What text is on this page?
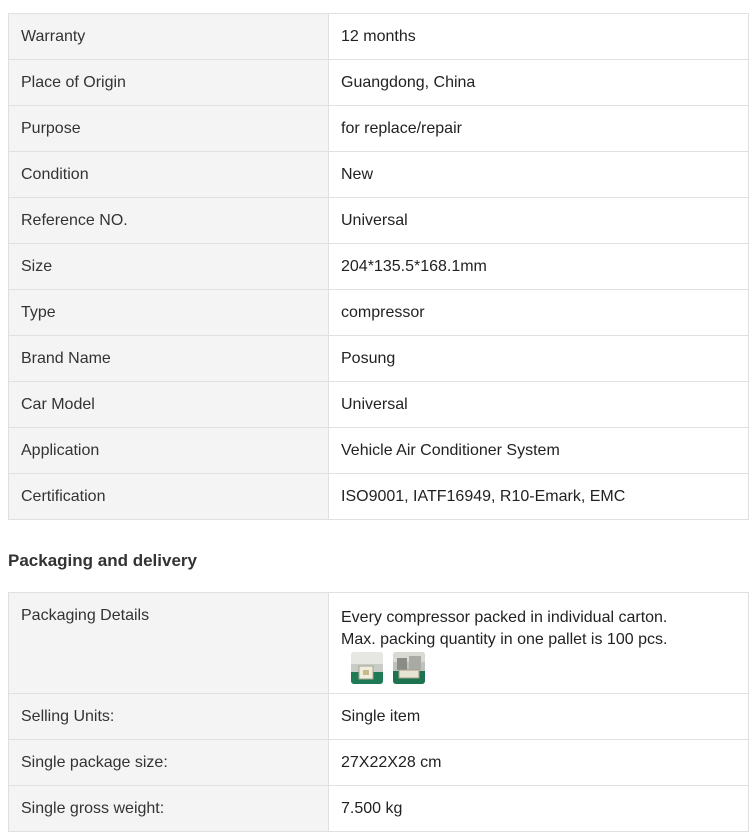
Warranty	12 months
Place of Origin	Guangdong, China
Purpose	for replace/repair
Condition	New
Reference NO.	Universal
Size	204*135.5*168.1mm
Type	compressor
Brand Name	Posung
Car Model	Universal
Application	Vehicle Air Conditioner System
Certification	ISO9001, IATF16949, R10-Emark, EMC
Packaging and delivery
Packaging Details	Every compressor packed in individual carton.
Max. packing quantity in one pallet is 100 pcs.

Selling Units:	Single item
Single package size:	27X22X28 cm
Single gross weight:	7.500 kg
